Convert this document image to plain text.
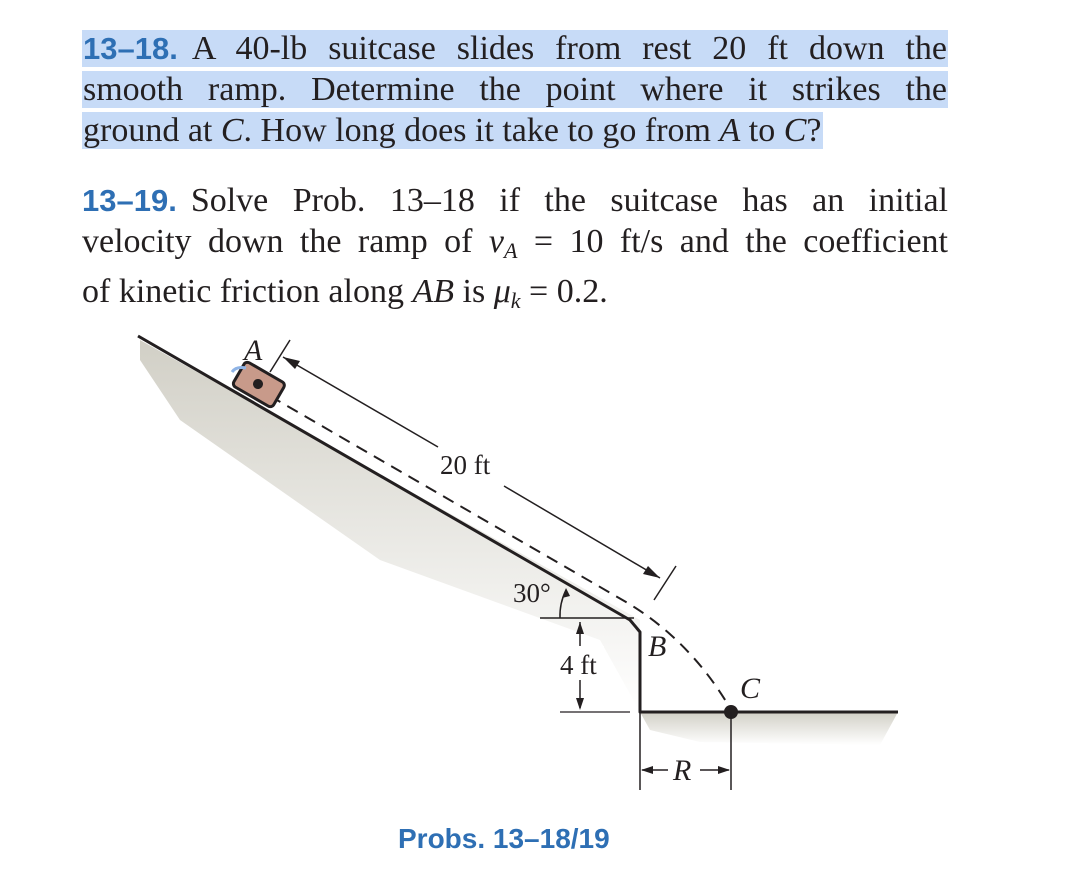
13–18. A 40-lb suitcase slides from rest 20 ft down the
smooth ramp. Determine the point where it strikes the
ground at C. How long does it take to go from A to C?
13–19. Solve Prob. 13–18 if the suitcase has an initial
velocity down the ramp of $v_A = 10$ ft/s and the coefficient
of kinetic friction along AB is $\mu_k = 0.2$.
20 ft
A
30°
4 ft
B
C
R
Probs. 13–18/19
